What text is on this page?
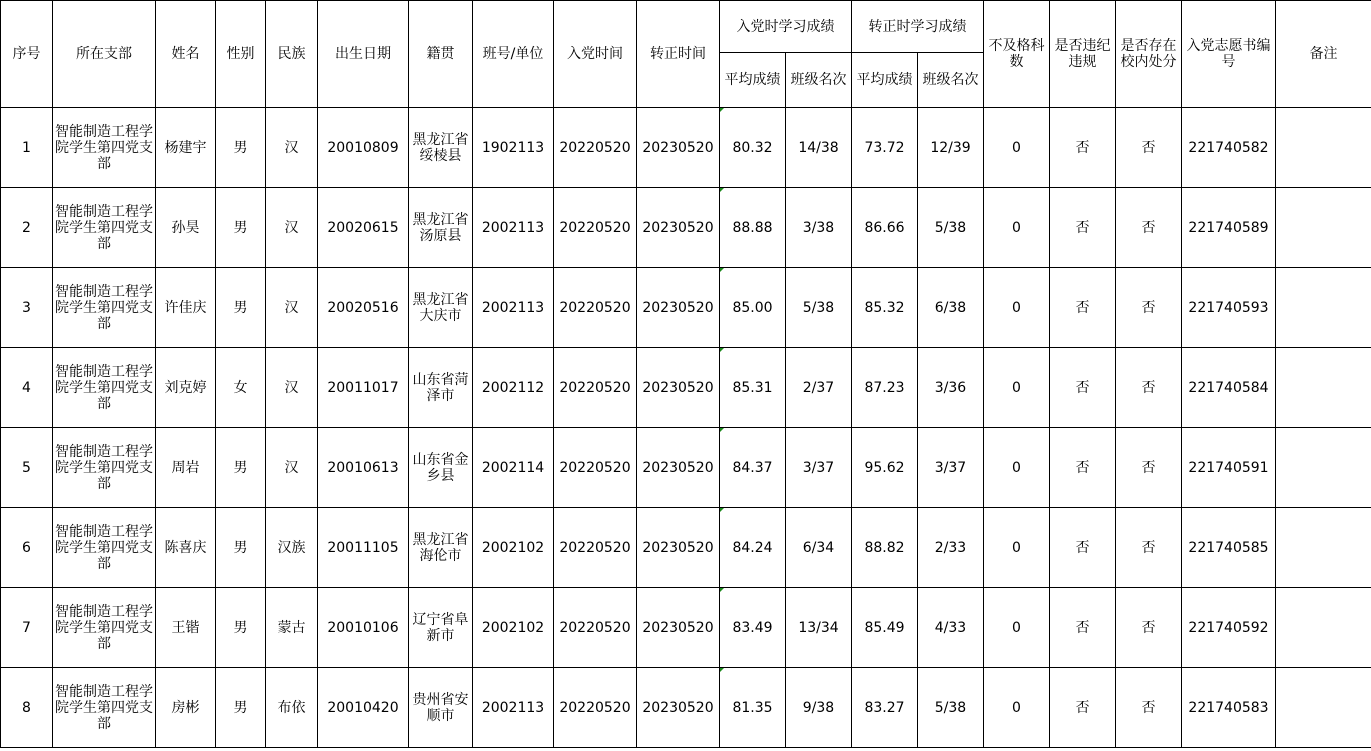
序号	所在支部	姓名	性别	民族	出生日期	籍贯	班号/单位	入党时间	转正时间	入党时学习成绩		转正时学习成绩		不及格科数	是否违纪违规	是否存在校内处分	入党志愿书编号	备注
										平均成绩	班级名次	平均成绩	班级名次					
1	智能制造工程学院学生第四党支部	杨建宇	男	汉	20010809	黑龙江省绥棱县	1902113	20220520	20230520	80.32	14/38	73.72	12/39	0	否	否	221740582	
2	智能制造工程学院学生第四党支部	孙昊	男	汉	20020615	黑龙江省汤原县	2002113	20220520	20230520	88.88	3/38	86.66	5/38	0	否	否	221740589	
3	智能制造工程学院学生第四党支部	许佳庆	男	汉	20020516	黑龙江省大庆市	2002113	20220520	20230520	85.00	5/38	85.32	6/38	0	否	否	221740593	
4	智能制造工程学院学生第四党支部	刘克婷	女	汉	20011017	山东省菏泽市	2002112	20220520	20230520	85.31	2/37	87.23	3/36	0	否	否	221740584	
5	智能制造工程学院学生第四党支部	周岩	男	汉	20010613	山东省金乡县	2002114	20220520	20230520	84.37	3/37	95.62	3/37	0	否	否	221740591	
6	智能制造工程学院学生第四党支部	陈喜庆	男	汉族	20011105	黑龙江省海伦市	2002102	20220520	20230520	84.24	6/34	88.82	2/33	0	否	否	221740585	
7	智能制造工程学院学生第四党支部	王锴	男	蒙古	20010106	辽宁省阜新市	2002102	20220520	20230520	83.49	13/34	85.49	4/33	0	否	否	221740592	
8	智能制造工程学院学生第四党支部	房彬	男	布依	20010420	贵州省安顺市	2002113	20220520	20230520	81.35	9/38	83.27	5/38	0	否	否	221740583	
